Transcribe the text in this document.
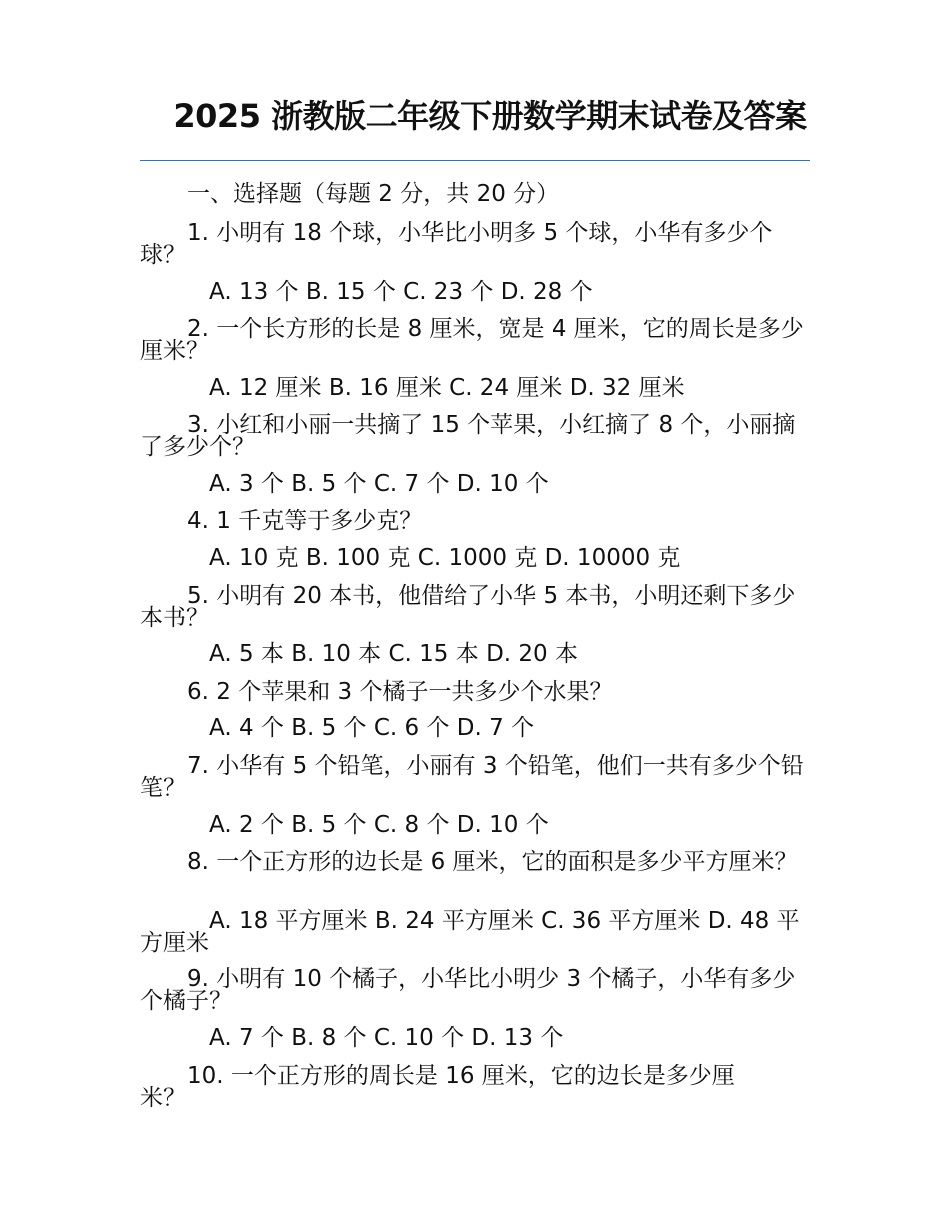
2025 浙教版二年级下册数学期末试卷及答案
一、选择题（每题 2 分，共 20 分）
1. 小明有 18 个球，小华比小明多 5 个球，小华有多少个球？
A. 13 个 B. 15 个 C. 23 个 D. 28 个
2. 一个长方形的长是 8 厘米，宽是 4 厘米，它的周长是多少厘米？
A. 12 厘米 B. 16 厘米 C. 24 厘米 D. 32 厘米
3. 小红和小丽一共摘了 15 个苹果，小红摘了 8 个，小丽摘了多少个？
A. 3 个 B. 5 个 C. 7 个 D. 10 个
4. 1 千克等于多少克？
A. 10 克 B. 100 克 C. 1000 克 D. 10000 克
5. 小明有 20 本书，他借给了小华 5 本书，小明还剩下多少本书？
A. 5 本 B. 10 本 C. 15 本 D. 20 本
6. 2 个苹果和 3 个橘子一共多少个水果？
A. 4 个 B. 5 个 C. 6 个 D. 7 个
7. 小华有 5 个铅笔，小丽有 3 个铅笔，他们一共有多少个铅笔？
A. 2 个 B. 5 个 C. 8 个 D. 10 个
8. 一个正方形的边长是 6 厘米，它的面积是多少平方厘米？
A. 18 平方厘米 B. 24 平方厘米 C. 36 平方厘米 D. 48 平方厘米
9. 小明有 10 个橘子，小华比小明少 3 个橘子，小华有多少个橘子？
A. 7 个 B. 8 个 C. 10 个 D. 13 个
10. 一个正方形的周长是 16 厘米，它的边长是多少厘米？
